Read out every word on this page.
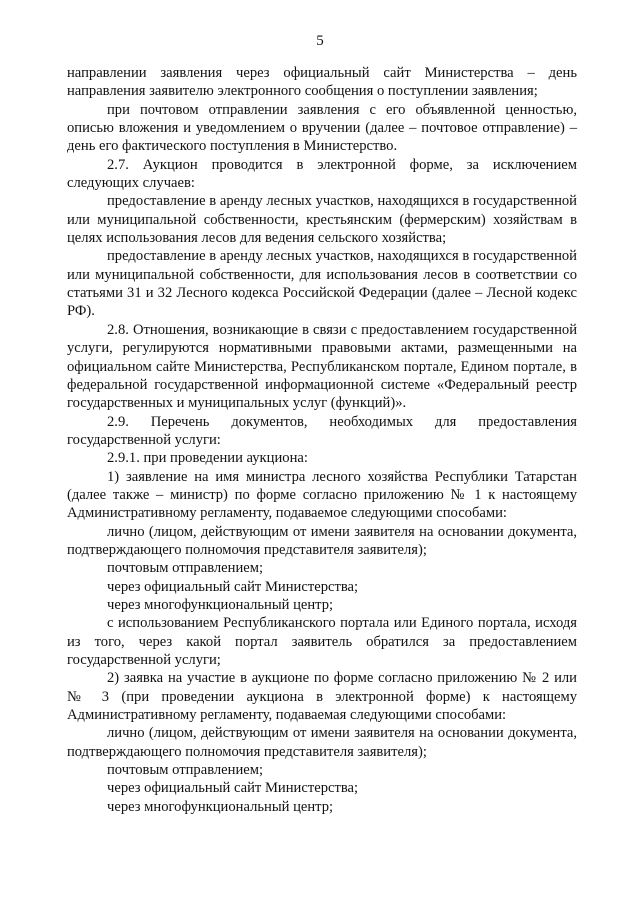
5

направлении заявления через официальный сайт Министерства – день направления заявителю электронного сообщения о поступлении заявления;

при почтовом отправлении заявления с его объявленной ценностью, описью вложения и уведомлением о вручении (далее – почтовое отправление) – день его фактического поступления в Министерство.

2.7. Аукцион проводится в электронной форме, за исключением следующих случаев:

предоставление в аренду лесных участков, находящихся в государственной или муниципальной собственности, крестьянским (фермерским) хозяйствам в целях использования лесов для ведения сельского хозяйства;

предоставление в аренду лесных участков, находящихся в государственной или муниципальной собственности, для использования лесов в соответствии со статьями 31 и 32 Лесного кодекса Российской Федерации (далее – Лесной кодекс РФ).

2.8. Отношения, возникающие в связи с предоставлением государственной услуги, регулируются нормативными правовыми актами, размещенными на официальном сайте Министерства, Республиканском портале, Едином портале, в федеральной государственной информационной системе «Федеральный реестр государственных и муниципальных услуг (функций)».

2.9. Перечень документов, необходимых для предоставления государственной услуги:

2.9.1. при проведении аукциона:

1) заявление на имя министра лесного хозяйства Республики Татарстан (далее также – министр) по форме согласно приложению № 1 к настоящему Административному регламенту, подаваемое следующими способами:

лично (лицом, действующим от имени заявителя на основании документа, подтверждающего полномочия представителя заявителя);

почтовым отправлением;

через официальный сайт Министерства;

через многофункциональный центр;

с использованием Республиканского портала или Единого портала, исходя из того, через какой портал заявитель обратился за предоставлением государственной услуги;

2) заявка на участие в аукционе по форме согласно приложению № 2 или № 3 (при проведении аукциона в электронной форме) к настоящему Административному регламенту, подаваемая следующими способами:

лично (лицом, действующим от имени заявителя на основании документа, подтверждающего полномочия представителя заявителя);

почтовым отправлением;

через официальный сайт Министерства;

через многофункциональный центр;
